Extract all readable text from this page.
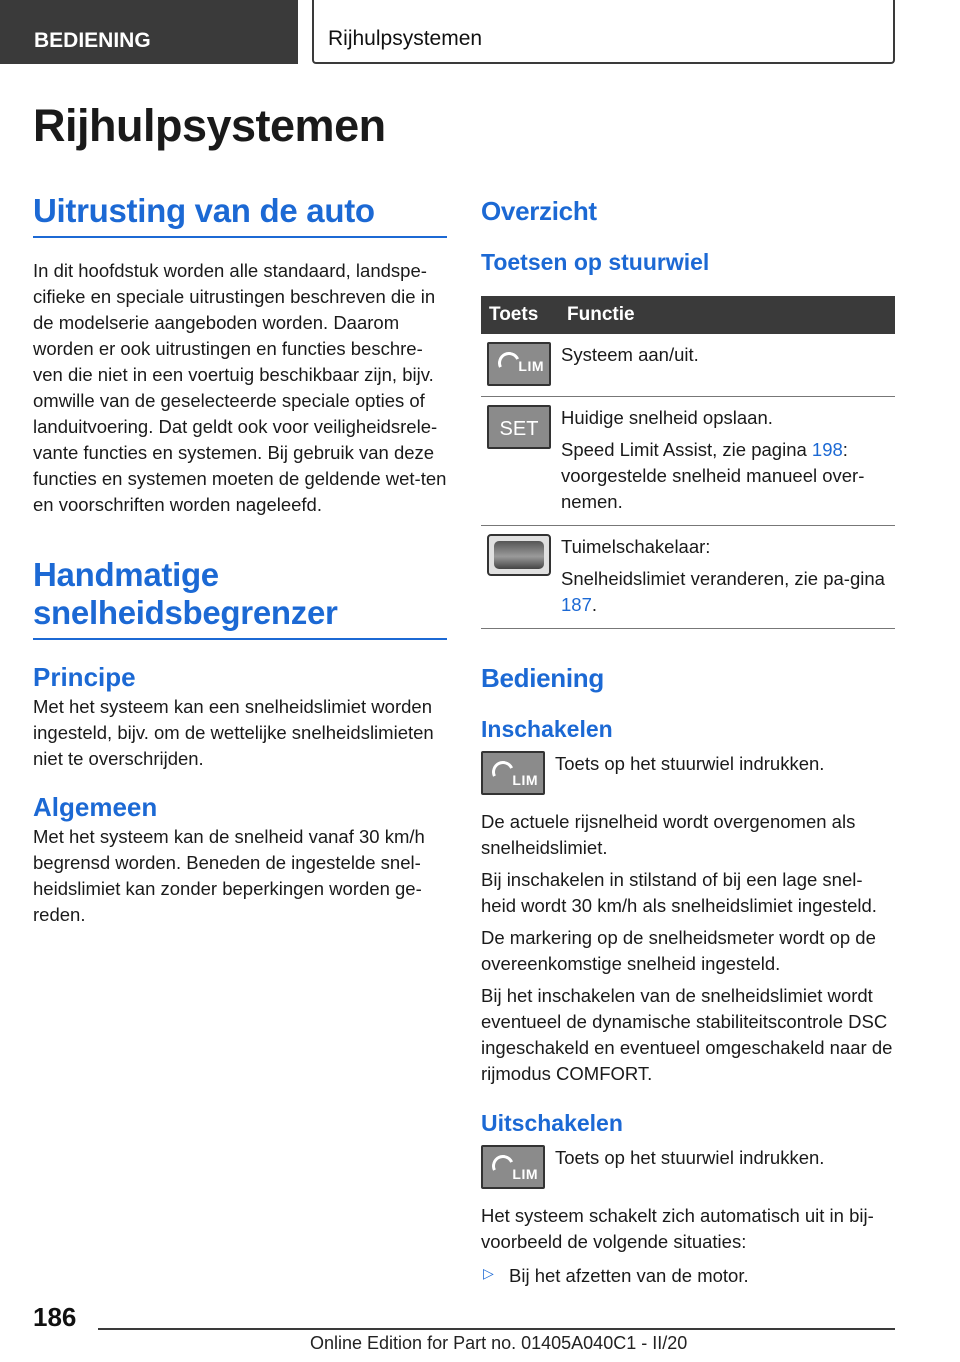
BEDIENING	Rijhulpsystemen
Rijhulpsystemen
Uitrusting van de auto

In dit hoofdstuk worden alle standaard, landspe-cifieke en speciale uitrustingen beschreven die in de modelserie aangeboden worden. Daarom worden er ook uitrustingen en functies beschre-ven die niet in een voertuig beschikbaar zijn, bijv. omwille van de geselecteerde speciale opties of landuitvoering. Dat geldt ook voor veiligheidsrele-vante functies en systemen. Bij gebruik van deze functies en systemen moeten de geldende wet-ten en voorschriften worden nageleefd.

Handmatige snelheidsbegrenzer
Principe

Met het systeem kan een snelheidslimiet worden ingesteld, bijv. om de wettelijke snelheidslimieten niet te overschrijden.

Algemeen

Met het systeem kan de snelheid vanaf 30 km/h begrensd worden. Beneden de ingestelde snel-heidslimiet kan zonder beperkingen worden ge-reden.

Overzicht
Toetsen op stuurwiel
Toets	Functie

LIM	Systeem aan/uit.

SET	Huidige snelheid opslaan.

Speed Limit Assist, zie pagina 198: voorgestelde snelheid manueel over-nemen.

	Tuimelschakelaar:

Snelheidslimiet veranderen, zie pa-gina 187.

Bediening
Inschakelen
LIM

Toets op het stuurwiel indrukken.

De actuele rijsnelheid wordt overgenomen als snelheidslimiet.

Bij inschakelen in stilstand of bij een lage snel-heid wordt 30 km/h als snelheidslimiet ingesteld.

De markering op de snelheidsmeter wordt op de overeenkomstige snelheid ingesteld.

Bij het inschakelen van de snelheidslimiet wordt eventueel de dynamische stabiliteitscontrole DSC ingeschakeld en eventueel omgeschakeld naar de rijmodus COMFORT.

Uitschakelen
LIM

Toets op het stuurwiel indrukken.

Het systeem schakelt zich automatisch uit in bij-voorbeeld de volgende situaties:

▷ Bij het afzetten van de motor.

186
Online Edition for Part no. 01405A040C1 - II/20
